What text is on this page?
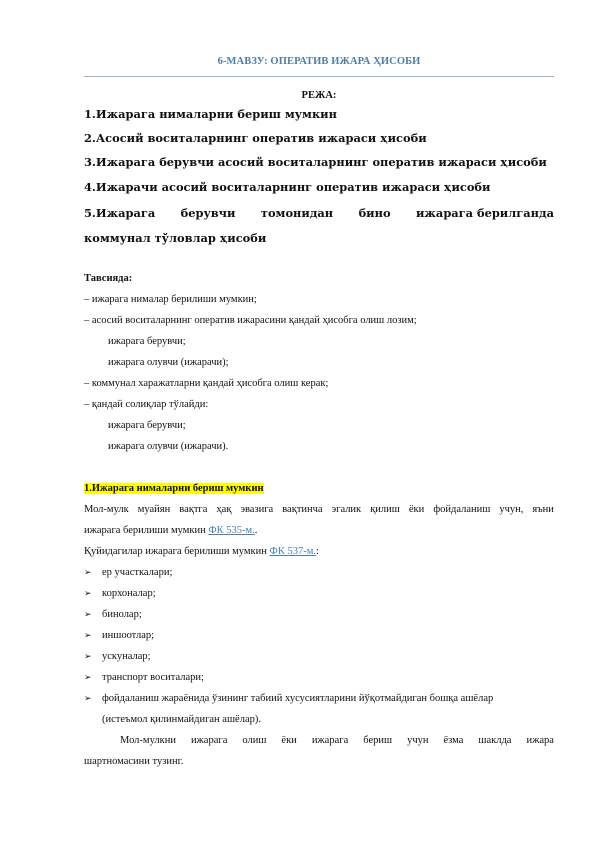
6-МАВЗУ: ОПЕРАТИВ ИЖАРА ҲИСОБИ
РЕЖА:
1.Ижарага нималарни бериш мумкин
2.Асосий воситаларнинг оператив ижараси ҳисоби
3.Ижарага берувчи асосий воситаларнинг оператив ижараси ҳисоби
4.Ижарачи асосий воситаларнинг оператив ижараси ҳисоби
5.Ижарага берувчи томонидан бино ижарага берилганда
коммунал тўловлар ҳисоби
Тавсияда:
– ижарага нималар берилиши мумкин;
– асосий воситаларнинг оператив ижарасини қандай ҳисобга олиш лозим;
ижарага берувчи;
ижарага олувчи (ижарачи);
– коммунал харажатларни қандай ҳисобга олиш керак;
– қандай солиқлар тўлайди:
ижарага берувчи;
ижарага олувчи (ижарачи).
1.Ижарага нималарни бериш мумкин
Мол-мулк муайян вақтга ҳақ эвазига вақтинча эгалик қилиш ёки фойдаланиш учун, яъни
ижарага берилиши мумкин ФК 535-м..
Қуйидагилар ижарага берилиши мумкин ФК 537-м.:
➢ ер участкалари;
➢ корхоналар;
➢ бинолар;
➢ иншоотлар;
➢ ускуналар;
➢ транспорт воситалари;
➢ фойдаланиш жараёнида ўзининг табиий хусусиятларини йўқотмайдиган бошқа ашёлар
(истеъмол қилинмайдиган ашёлар).
Мол-мулкни ижарага олиш ёки ижарага бериш учун ёзма шаклда ижара
шартномасини тузинг.
